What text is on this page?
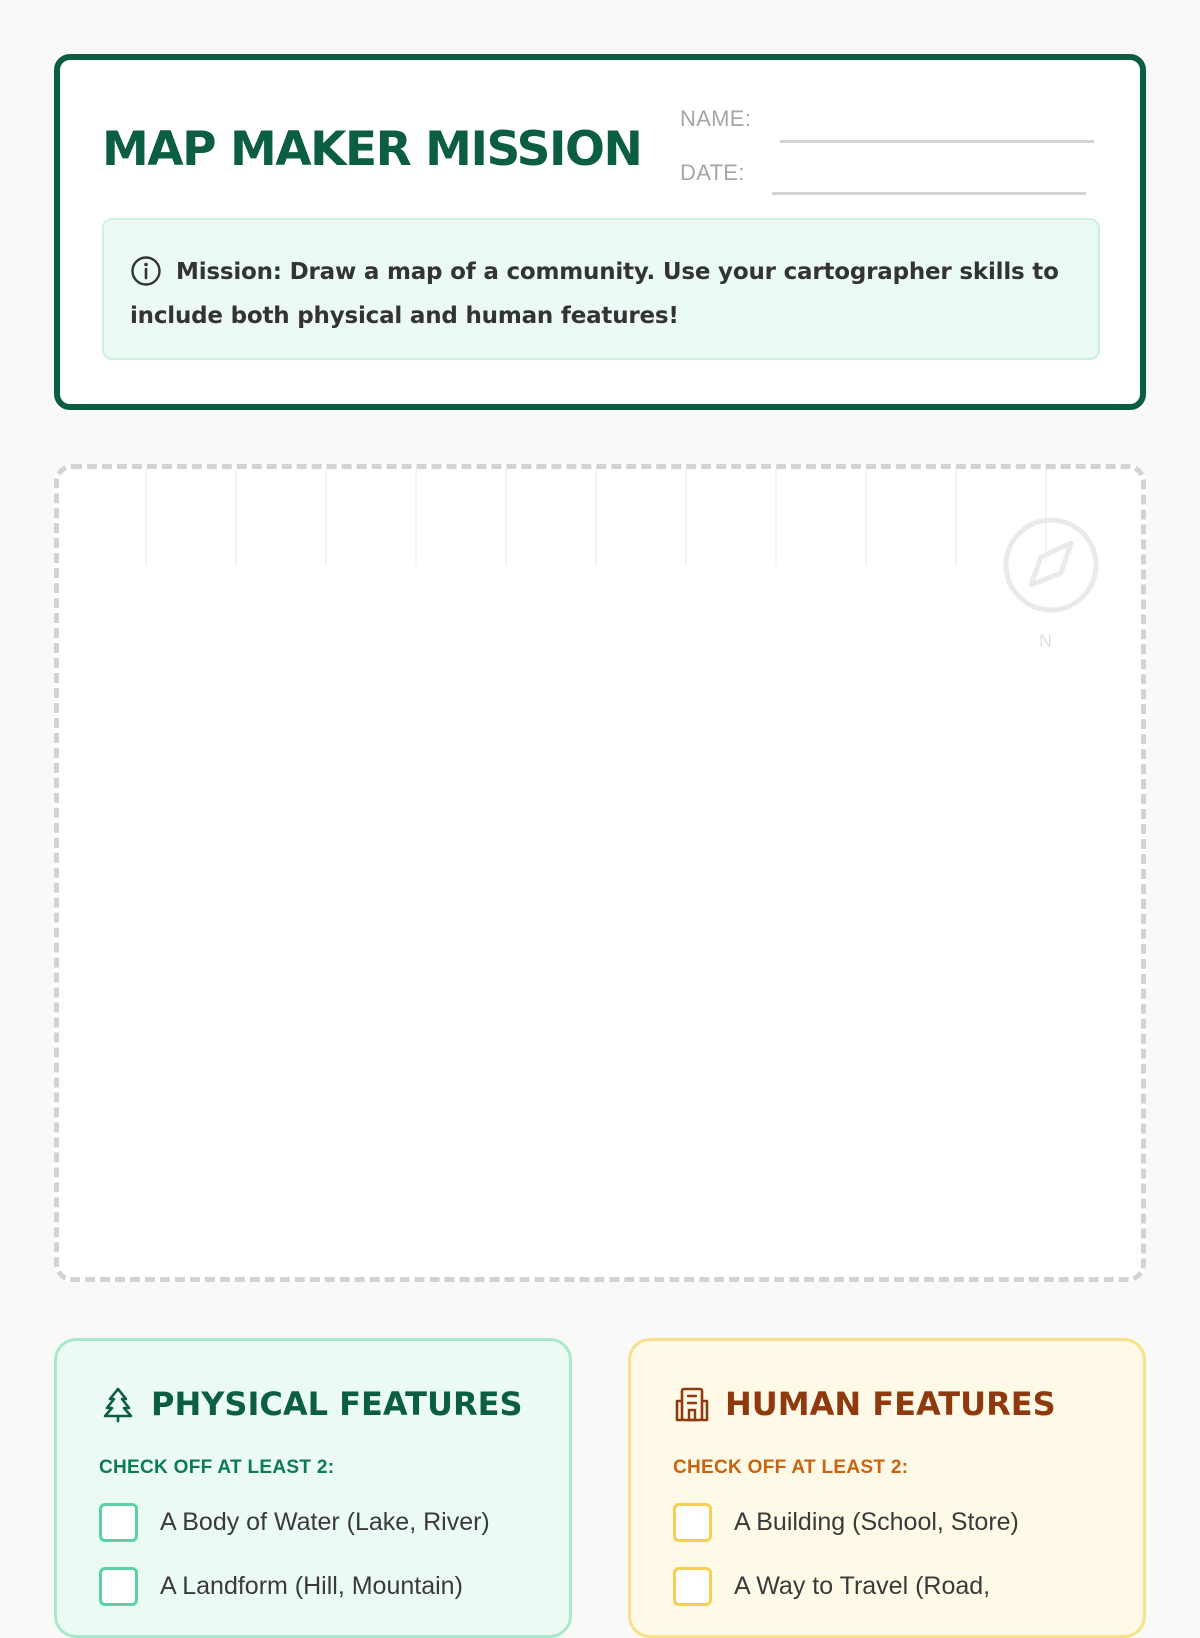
MAP MAKER MISSION
NAME:
DATE:
Mission: Draw a map of a community. Use your cartographer skills to include both physical and human features!
N
PHYSICAL FEATURES
CHECK OFF AT LEAST 2:
A Body of Water (Lake, River)
A Landform (Hill, Mountain)
HUMAN FEATURES
CHECK OFF AT LEAST 2:
A Building (School, Store)
A Way to Travel (Road,
